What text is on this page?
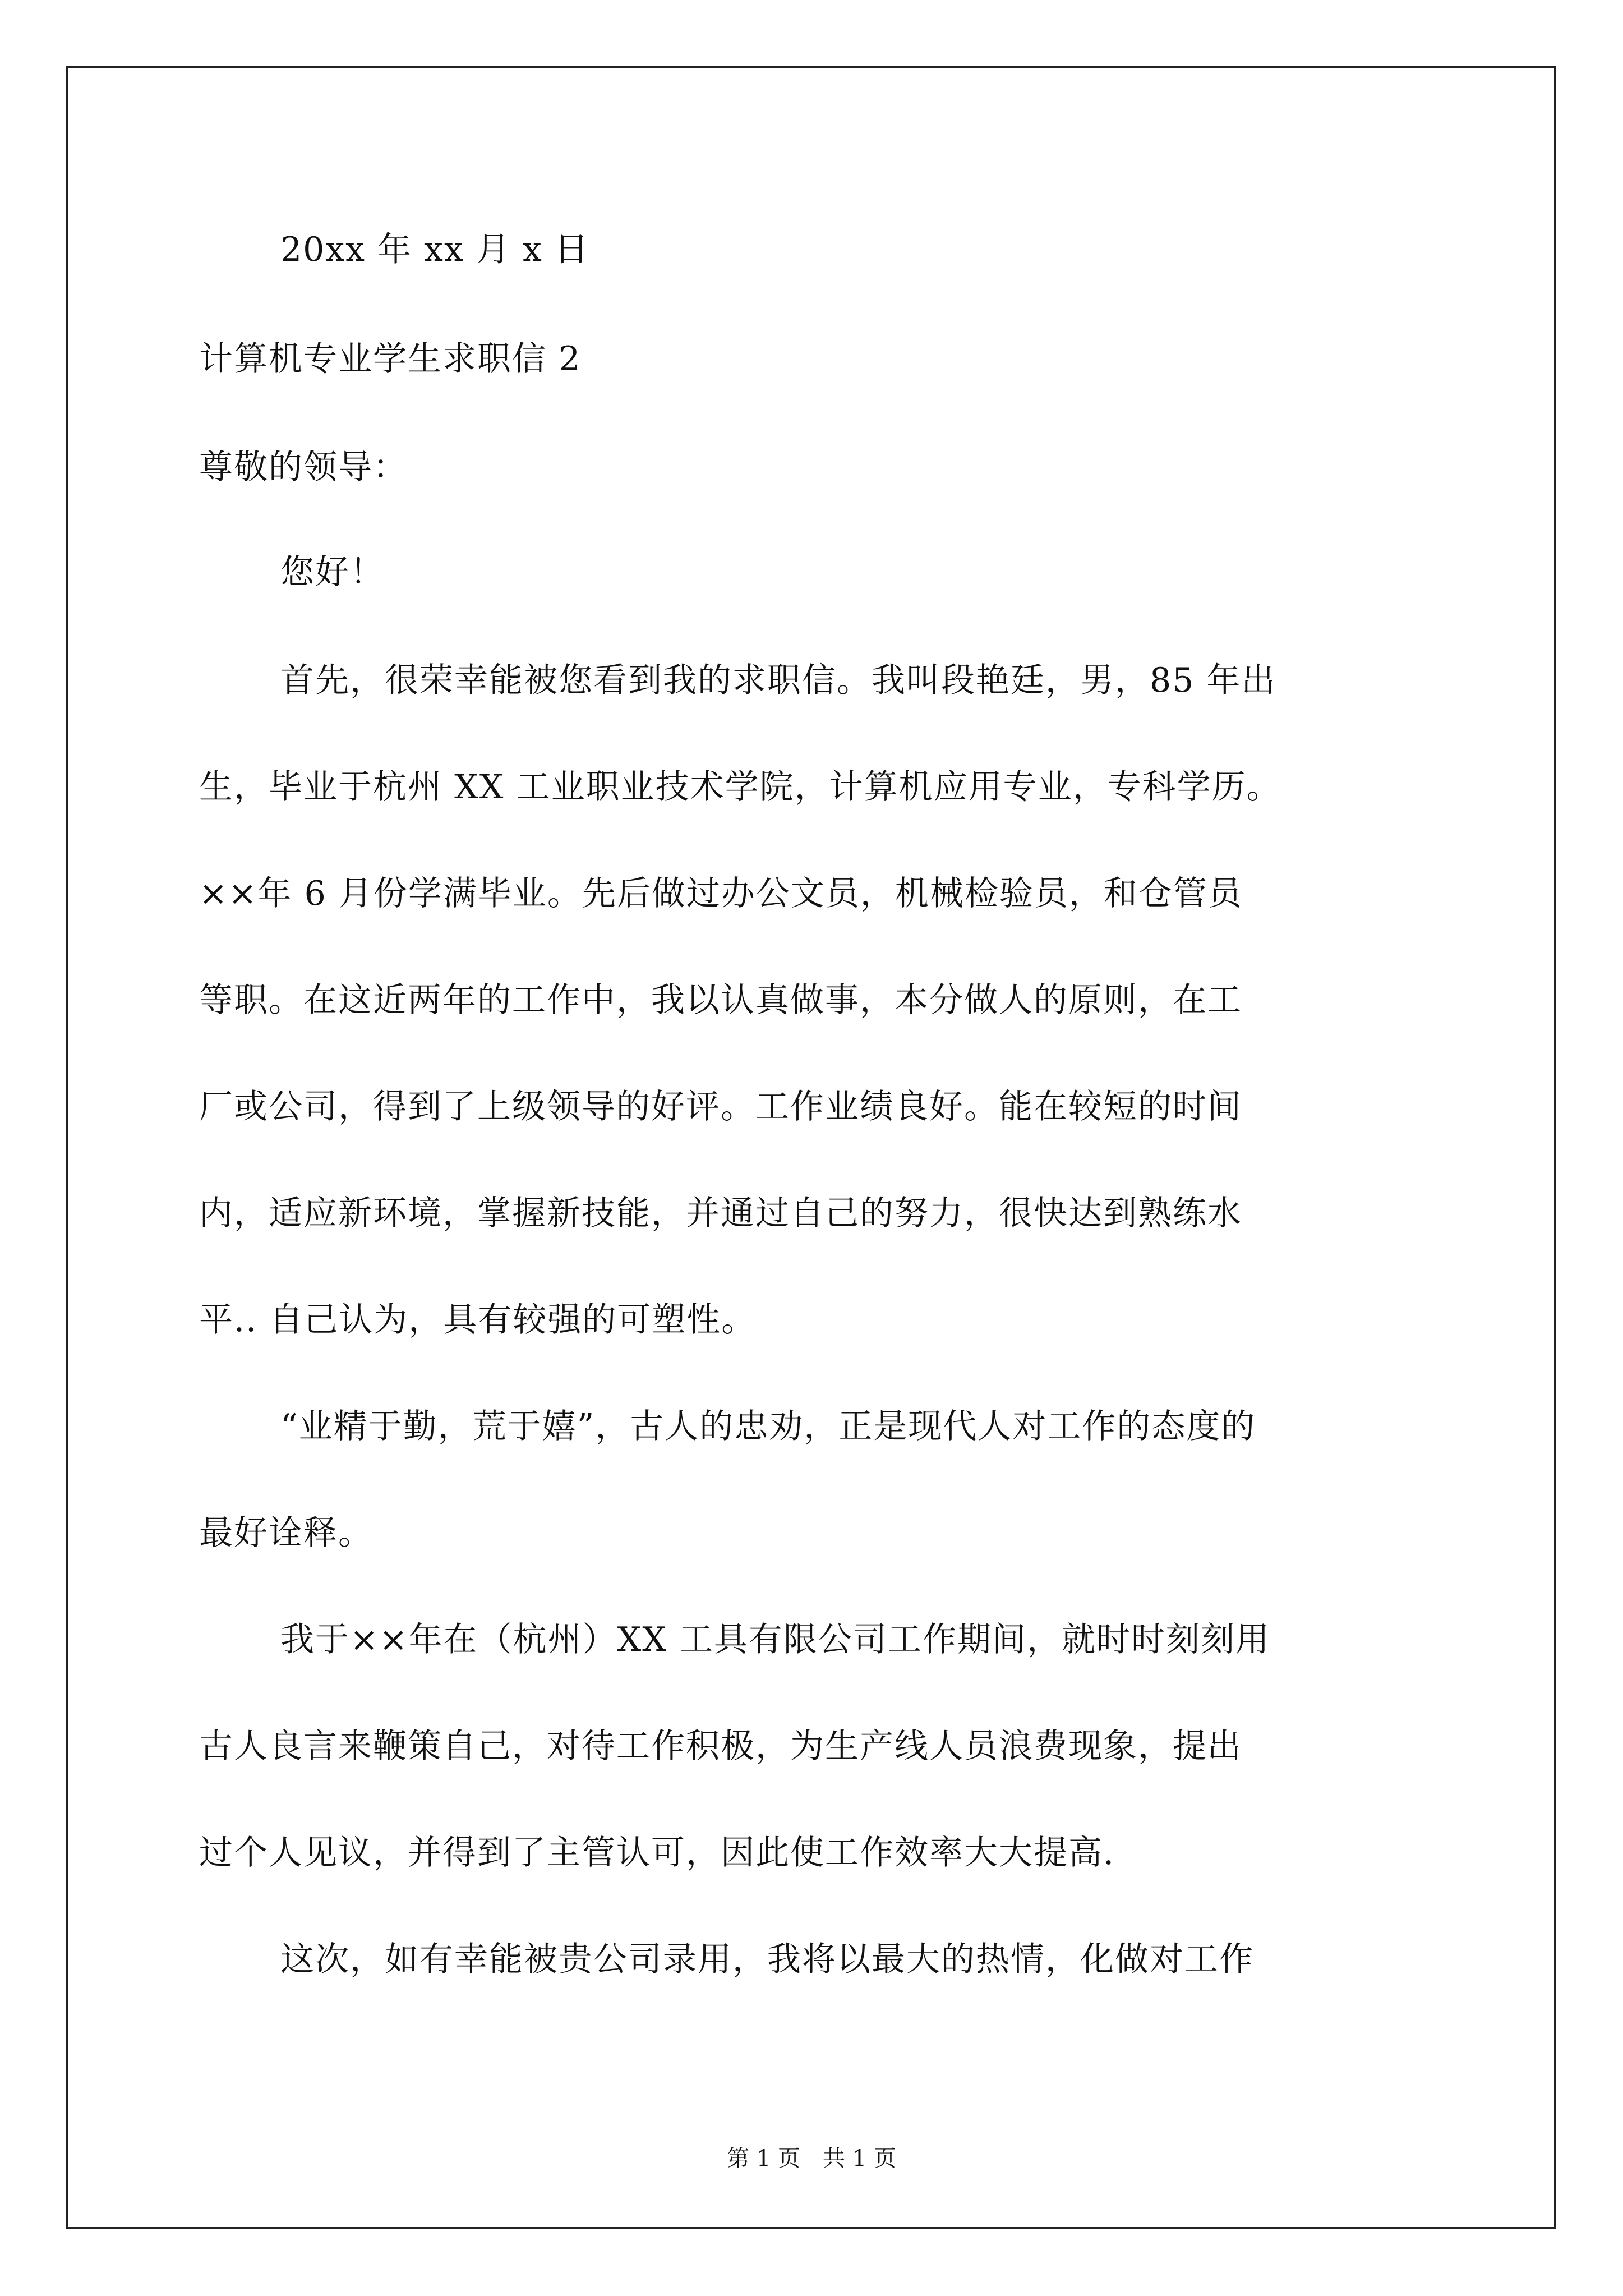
20xx 年 xx 月 x 日
计算机专业学生求职信 2
尊敬的领导：
您好！
首先，很荣幸能被您看到我的求职信。我叫段艳廷，男，85 年出
生，毕业于杭州 XX 工业职业技术学院，计算机应用专业，专科学历。
××年 6 月份学满毕业。先后做过办公文员，机械检验员，和仓管员
等职。在这近两年的工作中，我以认真做事，本分做人的原则，在工
厂或公司，得到了上级领导的好评。工作业绩良好。能在较短的时间
内，适应新环境，掌握新技能，并通过自己的努力，很快达到熟练水
平.. 自己认为，具有较强的可塑性。
“业精于勤，荒于嬉”，古人的忠劝，正是现代人对工作的态度的
最好诠释。
我于××年在（杭州）XX 工具有限公司工作期间，就时时刻刻用
古人良言来鞭策自己，对待工作积极，为生产线人员浪费现象，提出
过个人见议，并得到了主管认可，因此使工作效率大大提高.
这次，如有幸能被贵公司录用，我将以最大的热情，化做对工作
第 1 页　共 1 页
